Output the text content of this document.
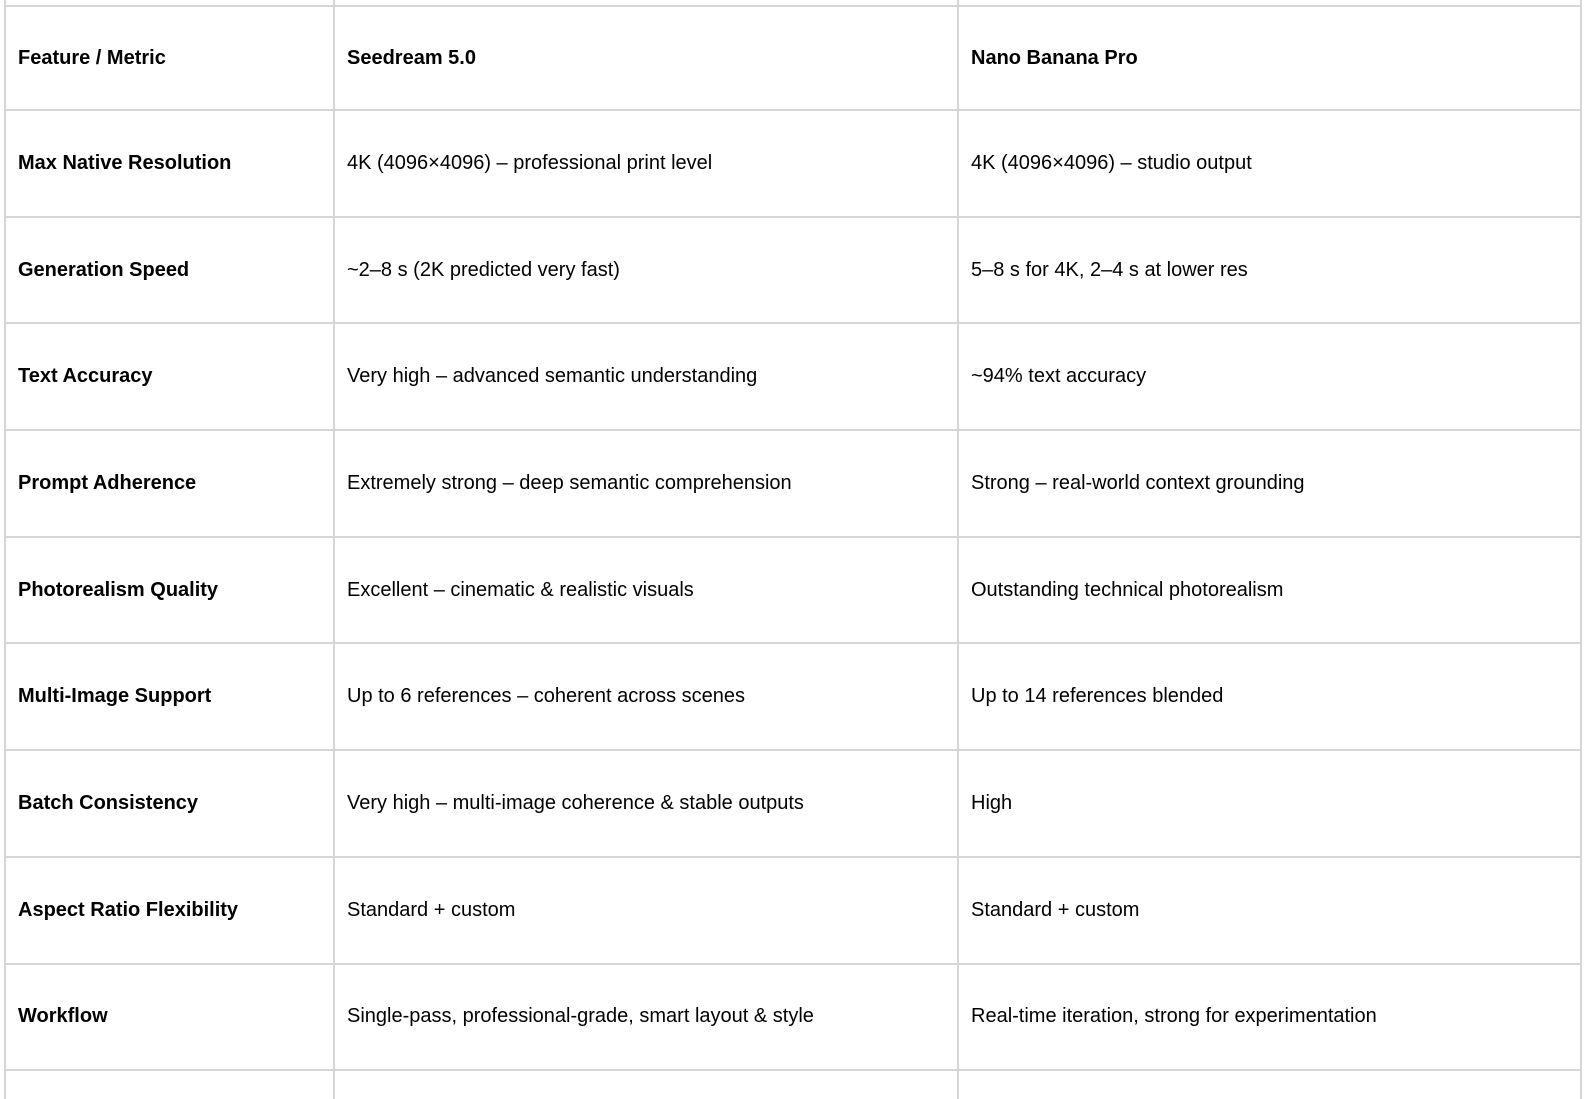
Feature / Metric	Seedream 5.0	Nano Banana Pro
Max Native Resolution	4K (4096×4096) – professional print level	4K (4096×4096) – studio output
Generation Speed	~2–8 s (2K predicted very fast)	5–8 s for 4K, 2–4 s at lower res
Text Accuracy	Very high – advanced semantic understanding	~94% text accuracy
Prompt Adherence	Extremely strong – deep semantic comprehension	Strong – real-world context grounding
Photorealism Quality	Excellent – cinematic & realistic visuals	Outstanding technical photorealism
Multi-Image Support	Up to 6 references – coherent across scenes	Up to 14 references blended
Batch Consistency	Very high – multi-image coherence & stable outputs	High
Aspect Ratio Flexibility	Standard + custom	Standard + custom
Workflow	Single-pass, professional-grade, smart layout & style	Real-time iteration, strong for experimentation
